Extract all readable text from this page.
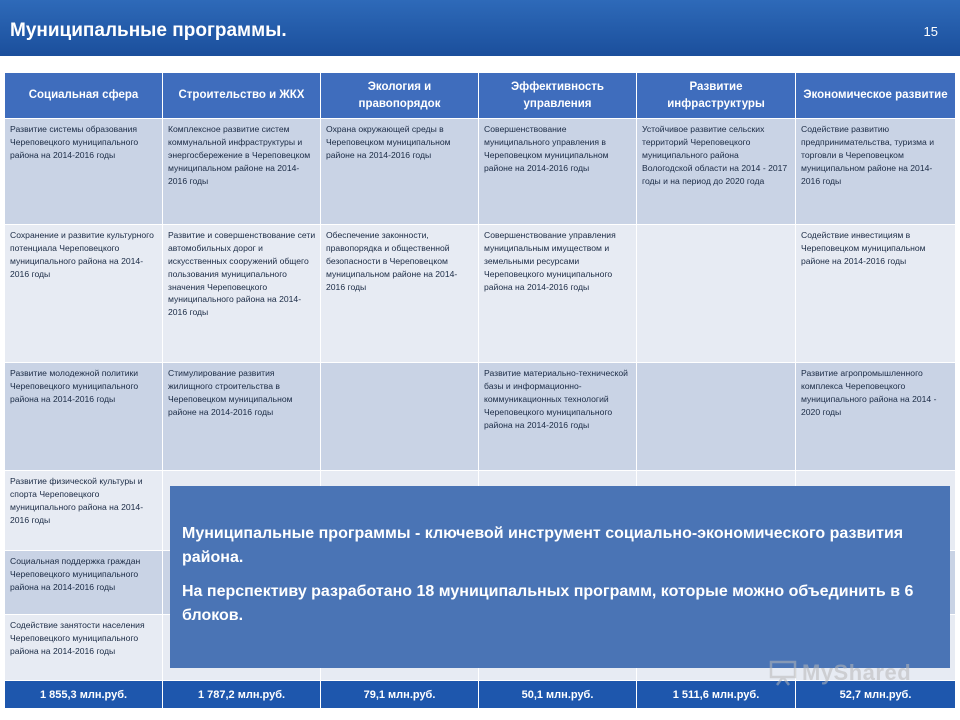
Муниципальные программы.	15
Социальная сфера	Строительство и ЖКХ	Экология и правопорядок	Эффективность управления	Развитие инфраструктуры	Экономическое развитие
Развитие системы образования Череповецкого муниципального района на 2014-2016 годы	Комплексное развитие систем коммунальной инфраструктуры и энергосбережение в Череповецком муниципальном районе на 2014-2016 годы	Охрана окружающей среды в Череповецком муниципальном районе на 2014-2016 годы	Совершенствование муниципального управления в Череповецком муниципальном районе на 2014-2016 годы	Устойчивое развитие сельских территорий Череповецкого муниципального района Вологодской области на 2014 - 2017 годы и на период до 2020 года	Содействие развитию предпринимательства, туризма и торговли в Череповецком муниципальном районе на 2014-2016 годы
Сохранение и развитие культурного потенциала Череповецкого муниципального района на 2014-2016 годы	Развитие и совершенствование сети автомобильных дорог и искусственных сооружений общего пользования муниципального значения Череповецкого муниципального района на 2014-2016 годы	Обеспечение законности, правопорядка и общественной безопасности в Череповецком муниципальном районе на 2014-2016 годы	Совершенствование управления муниципальным имуществом и земельными ресурсами Череповецкого муниципального района на 2014-2016 годы		Содействие инвестициям в Череповецком муниципальном районе на 2014-2016 годы
Развитие молодежной политики Череповецкого муниципального района на 2014-2016 годы	Стимулирование развития жилищного строительства в Череповецком муниципальном районе на 2014-2016 годы		Развитие материально-технической базы и информационно-коммуникационных технологий Череповецкого муниципального района на 2014-2016 годы		Развитие агропромышленного комплекса Череповецкого муниципального района на 2014 - 2020 годы
Развитие физической культуры и спорта Череповецкого муниципального района на 2014-2016 годы					
Социальная поддержка граждан Череповецкого муниципального района на 2014-2016 годы					
Содействие занятости населения Череповецкого муниципального района на 2014-2016 годы					
1 855,3 млн.руб.	1 787,2 млн.руб.	79,1 млн.руб.	50,1 млн.руб.	1 511,6 млн.руб.	52,7 млн.руб.

Муниципальные программы - ключевой инструмент социально-экономического развития района.

На перспективу разработано 18 муниципальных программ, которые можно объединить в 6 блоков.

MyShared
